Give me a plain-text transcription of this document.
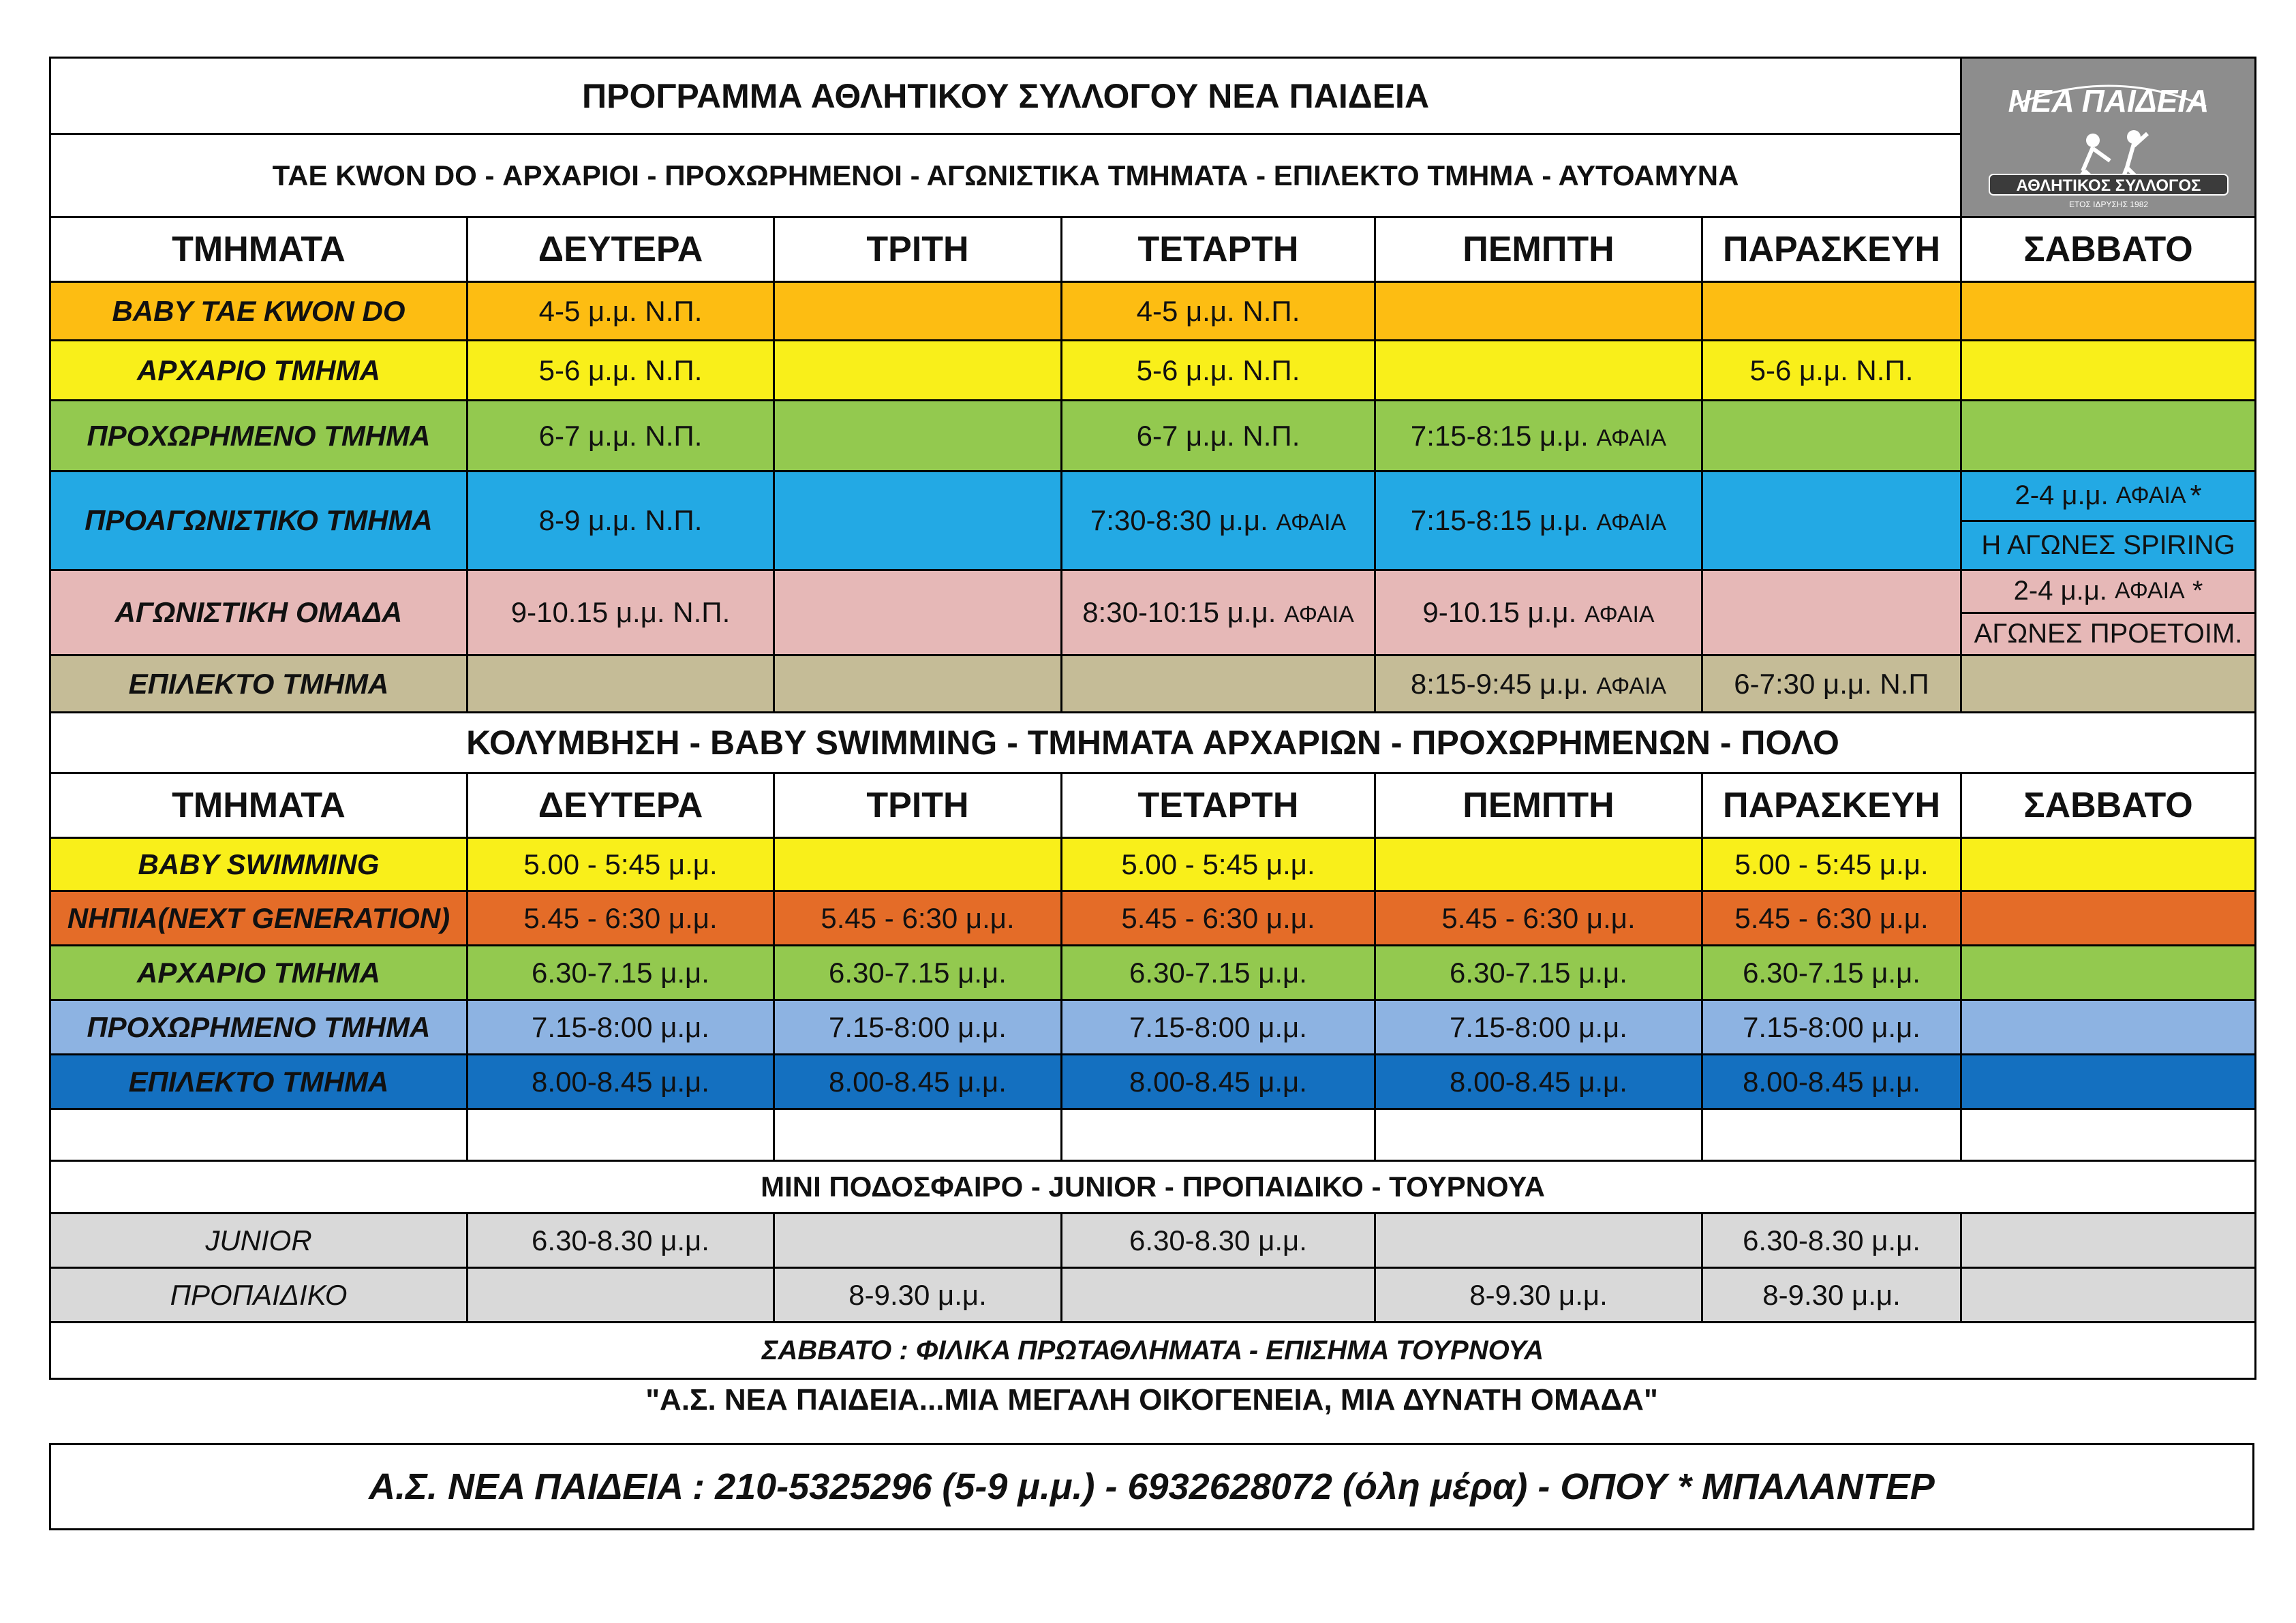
ΠΡΟΓΡΑΜΜΑ ΑΘΛΗΤΙΚΟΥ ΣΥΛΛΟΓΟΥ ΝΕΑ ΠΑΙΔΕΙΑ						ΝΕΑ ΠΑΙΔΕΙΑ
ΑΘΛΗΤΙΚΟΣ ΣΥΛΛΟΓΟΣ
ΕΤΟΣ ΙΔΡΥΣΗΣ 1982

ΤΑΕ KWON DO - ΑΡΧΑΡΙΟΙ - ΠΡΟΧΩΡΗΜΕΝΟΙ - ΑΓΩΝΙΣΤΙΚΑ ΤΜΗΜΑΤΑ - ΕΠΙΛΕΚΤΟ ΤΜΗΜΑ - ΑΥΤΟΑΜΥΝΑ						
ΤΜΗΜΑΤΑ	ΔΕΥΤΕΡΑ	ΤΡΙΤΗ	ΤΕΤΑΡΤΗ	ΠΕΜΠΤΗ	ΠΑΡΑΣΚΕΥΗ	ΣΑΒΒΑΤΟ
BABY TAE KWON DO	4-5 μ.μ. Ν.Π.		4-5 μ.μ. Ν.Π.			
ΑΡΧΑΡΙΟ ΤΜΗΜΑ	5-6 μ.μ. Ν.Π.		5-6 μ.μ. Ν.Π.		5-6 μ.μ. Ν.Π.	
ΠΡΟΧΩΡΗΜΕΝΟ ΤΜΗΜΑ	6-7 μ.μ. Ν.Π.		6-7 μ.μ. Ν.Π.	7:15-8:15 μ.μ. ΑΦΑΙΑ		
ΠΡΟΑΓΩΝΙΣΤΙΚΟ ΤΜΗΜΑ	8-9 μ.μ. Ν.Π.		7:30-8:30 μ.μ. ΑΦΑΙΑ	7:15-8:15 μ.μ. ΑΦΑΙΑ		2-4 μ.μ.
ΑΦΑΙΑ *
Η ΑΓΩΝΕΣ SPIRING

ΑΓΩΝΙΣΤΙΚΗ ΟΜΑΔΑ	9-10.15 μ.μ. Ν.Π.		8:30-10:15 μ.μ. ΑΦΑΙΑ	9-10.15 μ.μ. ΑΦΑΙΑ		2-4 μ.μ.
ΑΦΑΙΑ
*
ΑΓΩΝΕΣ ΠΡΟΕΤΟΙΜ.

ΕΠΙΛΕΚΤΟ ΤΜΗΜΑ				8:15-9:45 μ.μ. ΑΦΑΙΑ	6-7:30 μ.μ. Ν.Π	
ΚΟΛΥΜΒΗΣΗ - BABY SWIMMING - ΤΜΗΜΑΤΑ ΑΡΧΑΡΙΩΝ - ΠΡΟΧΩΡΗΜΕΝΩΝ - ΠΟΛΟ						
ΤΜΗΜΑΤΑ	ΔΕΥΤΕΡΑ	ΤΡΙΤΗ	ΤΕΤΑΡΤΗ	ΠΕΜΠΤΗ	ΠΑΡΑΣΚΕΥΗ	ΣΑΒΒΑΤΟ
BABY SWIMMING	5.00 - 5:45 μ.μ.		5.00 - 5:45 μ.μ.		5.00 - 5:45 μ.μ.	
ΝΗΠΙΑ(NEXT GENERATION)	5.45 - 6:30 μ.μ.	5.45 - 6:30 μ.μ.	5.45 - 6:30 μ.μ.	5.45 - 6:30 μ.μ.	5.45 - 6:30 μ.μ.	
ΑΡΧΑΡΙΟ ΤΜΗΜΑ	6.30-7.15 μ.μ.	6.30-7.15 μ.μ.	6.30-7.15 μ.μ.	6.30-7.15 μ.μ.	6.30-7.15 μ.μ.	
ΠΡΟΧΩΡΗΜΕΝΟ ΤΜΗΜΑ	7.15-8:00 μ.μ.	7.15-8:00 μ.μ.	7.15-8:00 μ.μ.	7.15-8:00 μ.μ.	7.15-8:00 μ.μ.	
ΕΠΙΛΕΚΤΟ ΤΜΗΜΑ	8.00-8.45 μ.μ.	8.00-8.45 μ.μ.	8.00-8.45 μ.μ.	8.00-8.45 μ.μ.	8.00-8.45 μ.μ.	

ΜΙΝΙ ΠΟΔΟΣΦΑΙΡΟ - JUNIOR - ΠΡΟΠΑΙΔΙΚΟ - ΤΟΥΡΝΟΥΑ						
JUNIOR	6.30-8.30 μ.μ.		6.30-8.30 μ.μ.		6.30-8.30 μ.μ.	
ΠΡΟΠΑΙΔΙΚΟ		8-9.30 μ.μ.		8-9.30 μ.μ.	8-9.30 μ.μ.	
ΣΑΒΒΑΤΟ : ΦΙΛΙΚΑ ΠΡΩΤΑΘΛΗΜΑΤΑ - ΕΠΙΣΗΜΑ ΤΟΥΡΝΟΥΑ						
"Α.Σ. ΝΕΑ ΠΑΙΔΕΙΑ...ΜΙΑ ΜΕΓΑΛΗ ΟΙΚΟΓΕΝΕΙΑ, ΜΙΑ ΔΥΝΑΤΗ ΟΜΑΔΑ"
Α.Σ. ΝΕΑ ΠΑΙΔΕΙΑ : 210-5325296 (5-9 μ.μ.) - 6932628072 (όλη μέρα) - ΟΠΟΥ * ΜΠΑΛΑΝΤΕΡ
